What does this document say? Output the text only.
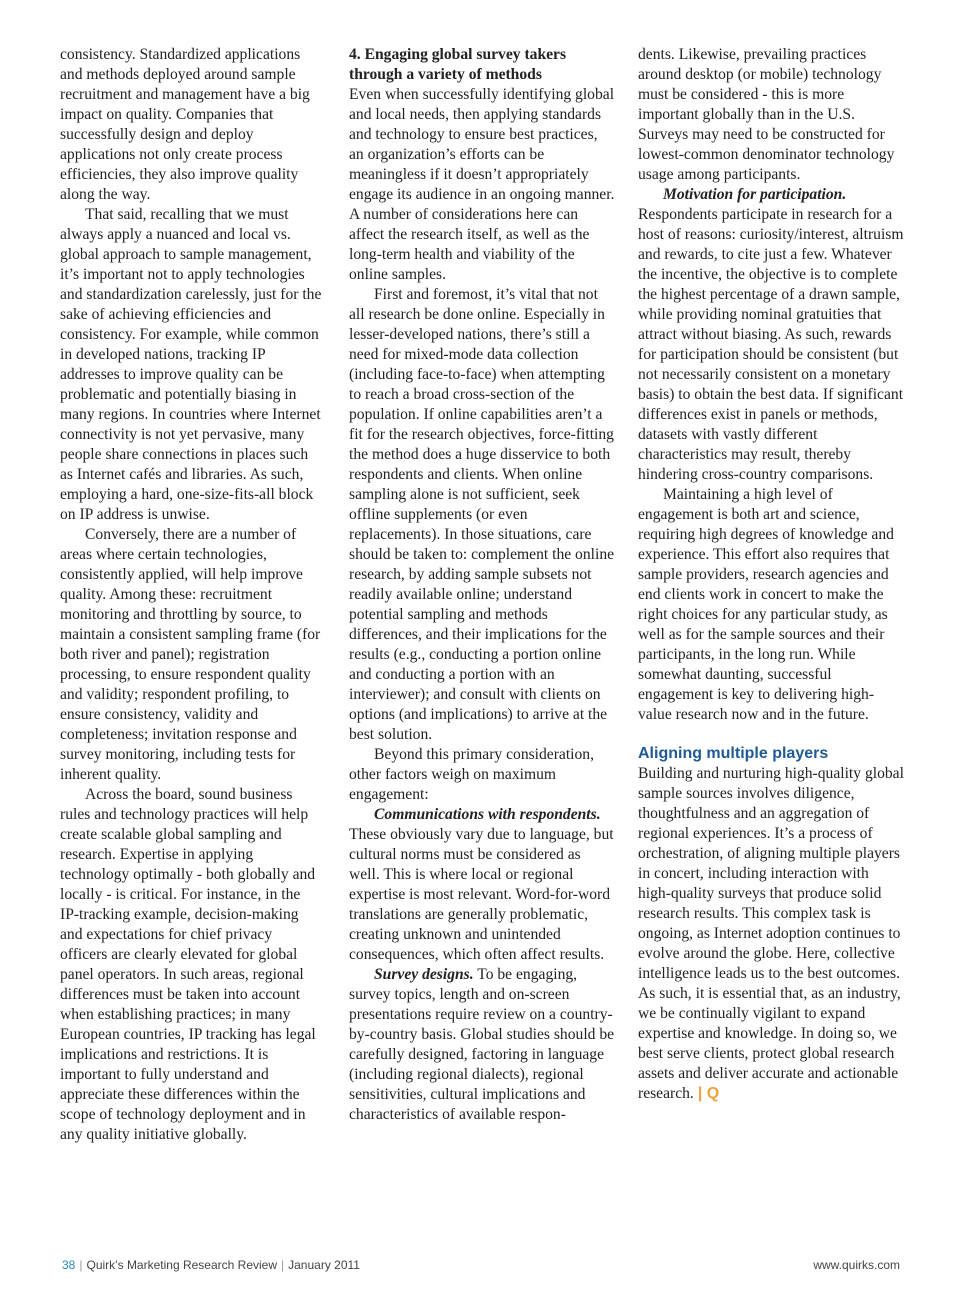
consistency. Standardized applications and methods deployed around sample recruitment and management have a big impact on quality. Companies that successfully design and deploy applications not only create process efficiencies, they also improve quality along the way.

That said, recalling that we must always apply a nuanced and local vs. global approach to sample management, it’s important not to apply technologies and standardization carelessly, just for the sake of achieving efficiencies and consistency. For example, while common in developed nations, tracking IP addresses to improve quality can be problematic and potentially biasing in many regions. In countries where Internet connectivity is not yet pervasive, many people share connections in places such as Internet cafés and libraries. As such, employing a hard, one-size-fits-all block on IP address is unwise.

Conversely, there are a number of areas where certain technologies, consistently applied, will help improve quality. Among these: recruitment monitoring and throttling by source, to maintain a consistent sampling frame (for both river and panel); registration processing, to ensure respondent quality and validity; respondent profiling, to ensure consistency, validity and completeness; invitation response and survey monitoring, including tests for inherent quality.

Across the board, sound business rules and technology practices will help create scalable global sampling and research. Expertise in applying technology optimally - both globally and locally - is critical. For instance, in the IP-tracking example, decision-making and expectations for chief privacy officers are clearly elevated for global panel operators. In such areas, regional differences must be taken into account when establishing practices; in many European countries, IP tracking has legal implications and restrictions. It is important to fully understand and appreciate these differences within the scope of technology deployment and in any quality initiative globally.

4. Engaging global survey takers through a variety of methods

Even when successfully identifying global and local needs, then applying standards and technology to ensure best practices, an organization’s efforts can be meaningless if it doesn’t appropriately engage its audience in an ongoing manner. A number of considerations here can affect the research itself, as well as the long-term health and viability of the online samples.

First and foremost, it’s vital that not all research be done online. Especially in lesser-developed nations, there’s still a need for mixed-mode data collection (including face-to-face) when attempting to reach a broad cross-section of the population. If online capabilities aren’t a fit for the research objectives, force-fitting the method does a huge disservice to both respondents and clients. When online sampling alone is not sufficient, seek offline supplements (or even replacements). In those situations, care should be taken to: complement the online research, by adding sample subsets not readily available online; understand potential sampling and methods differences, and their implications for the results (e.g., conducting a portion online and conducting a portion with an interviewer); and consult with clients on options (and implications) to arrive at the best solution.

Beyond this primary consideration, other factors weigh on maximum engagement:

Communications with respondents. These obviously vary due to language, but cultural norms must be considered as well. This is where local or regional expertise is most relevant. Word-for-word translations are generally problematic, creating unknown and unintended consequences, which often affect results.

Survey designs. To be engaging, survey topics, length and on-screen presentations require review on a country-by-country basis. Global studies should be carefully designed, factoring in language (including regional dialects), regional sensitivities, cultural implications and characteristics of available respon-

dents. Likewise, prevailing practices around desktop (or mobile) technology must be considered - this is more important globally than in the U.S. Surveys may need to be constructed for lowest-common denominator technology usage among participants.

Motivation for participation. Respondents participate in research for a host of reasons: curiosity/interest, altruism and rewards, to cite just a few. Whatever the incentive, the objective is to complete the highest percentage of a drawn sample, while providing nominal gratuities that attract without biasing. As such, rewards for participation should be consistent (but not necessarily consistent on a monetary basis) to obtain the best data. If significant differences exist in panels or methods, datasets with vastly different characteristics may result, thereby hindering cross-country comparisons.

Maintaining a high level of engagement is both art and science, requiring high degrees of knowledge and experience. This effort also requires that sample providers, research agencies and end clients work in concert to make the right choices for any particular study, as well as for the sample sources and their participants, in the long run. While somewhat daunting, successful engagement is key to delivering high-value research now and in the future.

Aligning multiple players

Building and nurturing high-quality global sample sources involves diligence, thoughtfulness and an aggregation of regional experiences. It’s a process of orchestration, of aligning multiple players in concert, including interaction with high-quality surveys that produce solid research results. This complex task is ongoing, as Internet adoption continues to evolve around the globe. Here, collective intelligence leads us to the best outcomes. As such, it is essential that, as an industry, we be continually vigilant to expand expertise and knowledge. In doing so, we best serve clients, protect global research assets and deliver accurate and actionable research. | Q

38 | Quirk’s Marketing Research Review | January 2011	www.quirks.com
